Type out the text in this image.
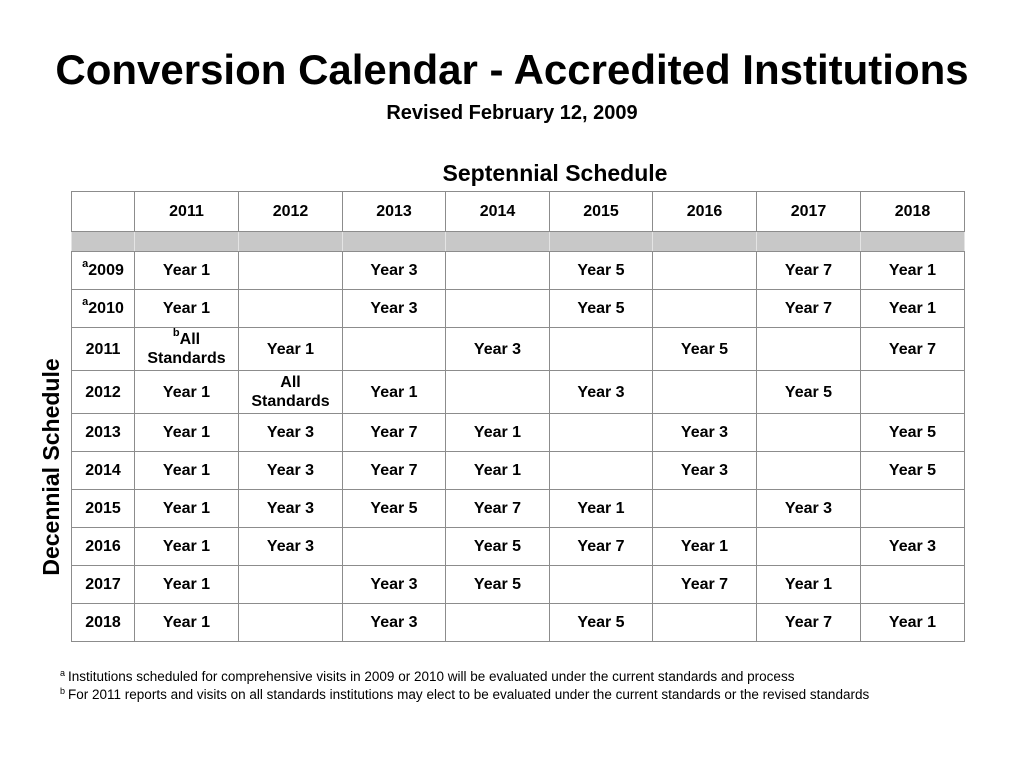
Conversion Calendar - Accredited Institutions
Revised February 12, 2009
Septennial Schedule
Decennial Schedule
	2011	2012	2013	2014	2015	2016	2017	2018

$^a$2009	Year 1		Year 3		Year 5		Year 7	Year 1
$^a$2010	Year 1		Year 3		Year 5		Year 7	Year 1
2011	$^b$All Standards	Year 1		Year 3		Year 5		Year 7
2012	Year 1	All Standards	Year 1		Year 3		Year 5	
2013	Year 1	Year 3	Year 7	Year 1		Year 3		Year 5
2014	Year 1	Year 3	Year 7	Year 1		Year 3		Year 5
2015	Year 1	Year 3	Year 5	Year 7	Year 1		Year 3	
2016	Year 1	Year 3		Year 5	Year 7	Year 1		Year 3
2017	Year 1		Year 3	Year 5		Year 7	Year 1	
2018	Year 1		Year 3		Year 5		Year 7	Year 1
$^a$ Institutions scheduled for comprehensive visits in 2009 or 2010 will be evaluated under the current standards and process
$^b$ For 2011 reports and visits on all standards institutions may elect to be evaluated under the current standards or the revised standards
